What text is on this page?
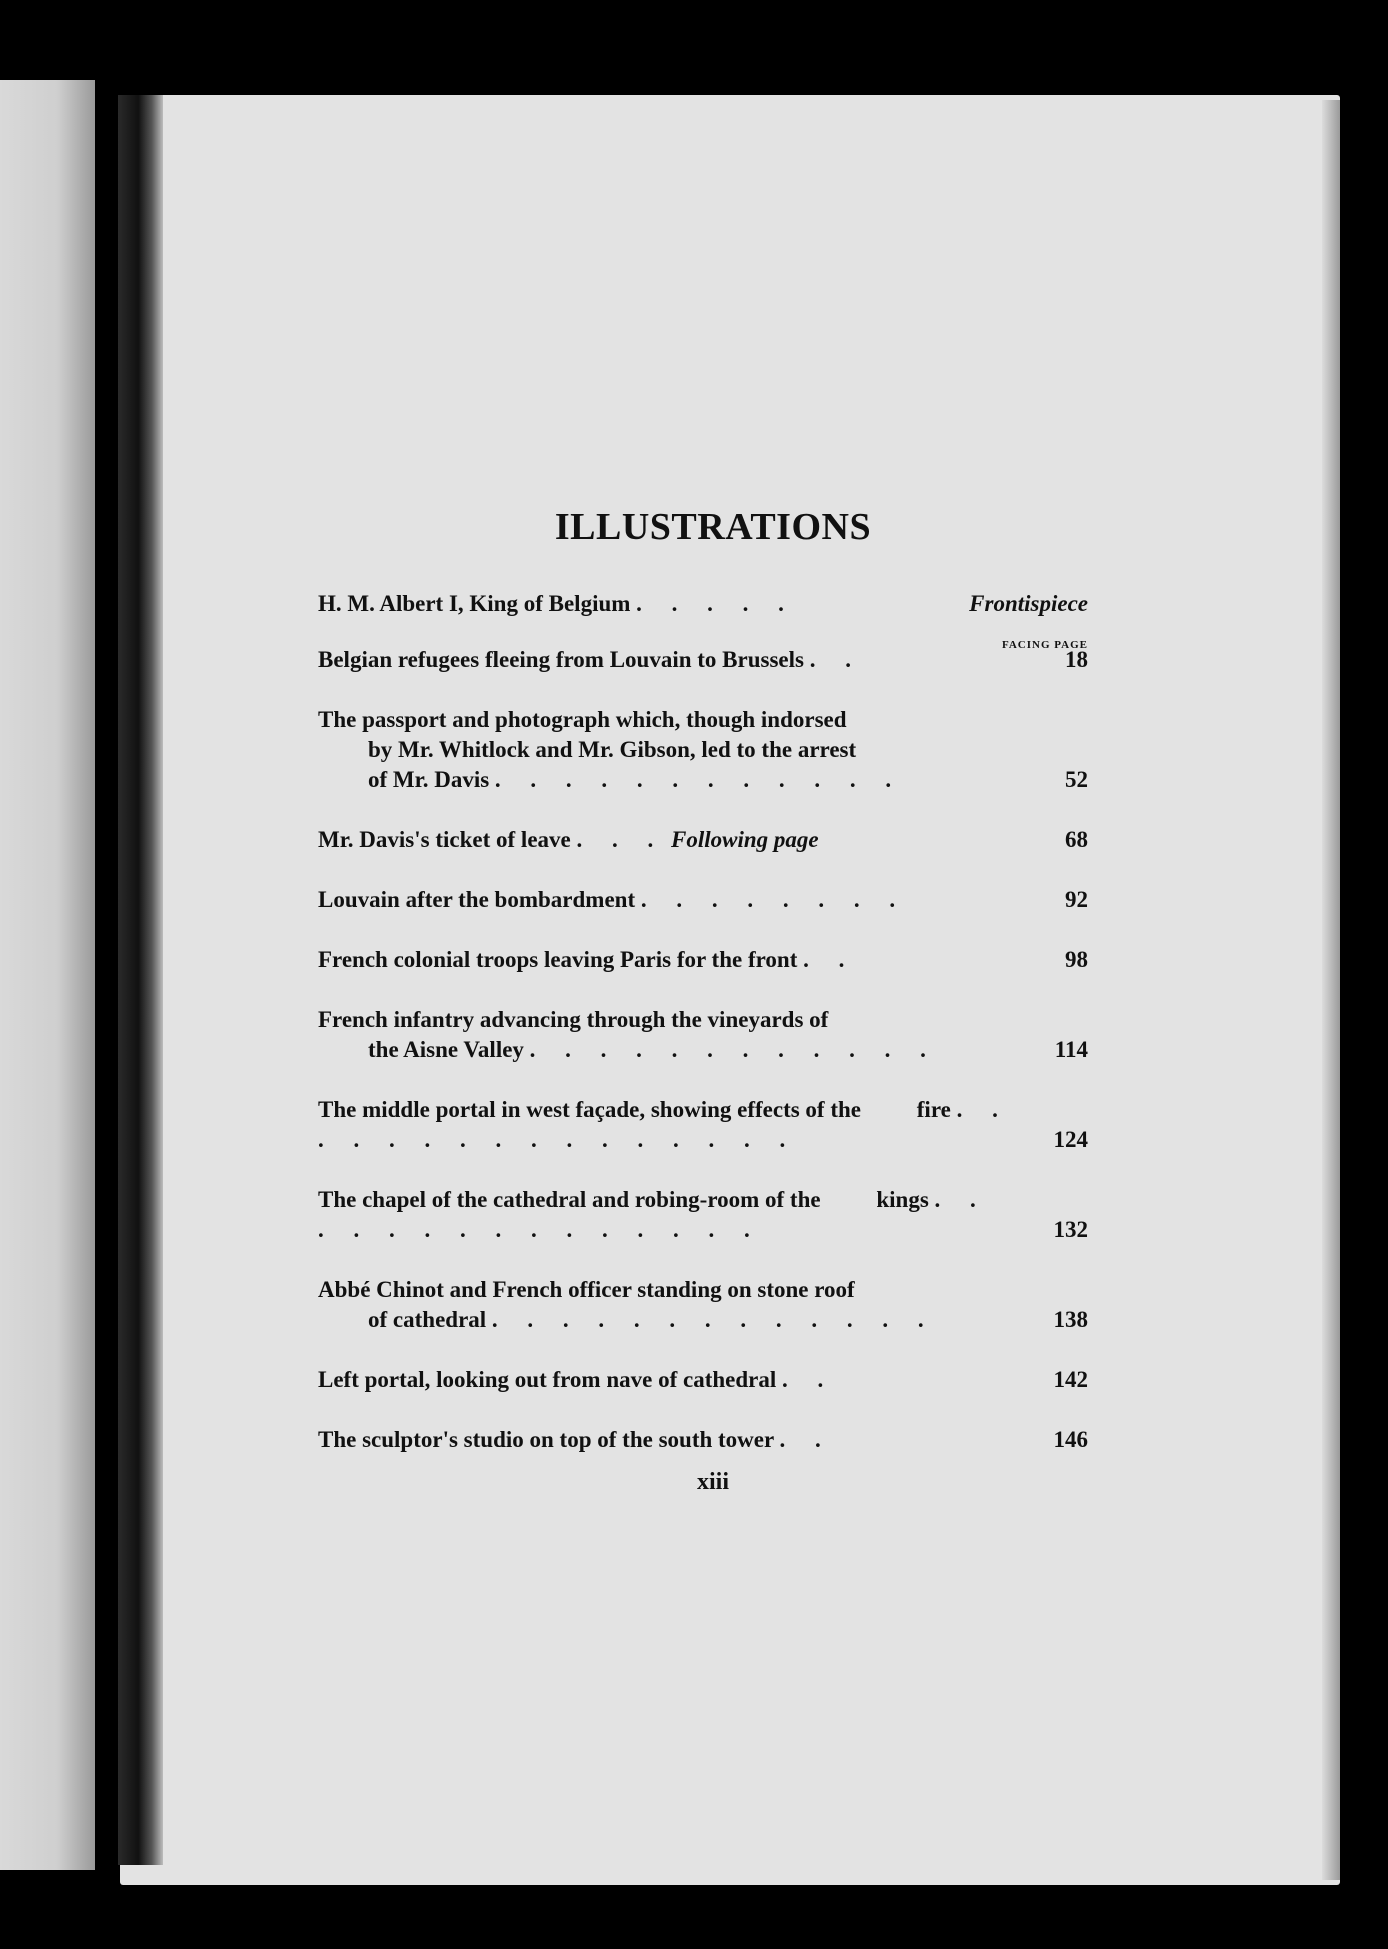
ILLUSTRATIONS
H. M. Albert I, King of Belgium . . . . .	Frontispiece
FACING PAGE
Belgian refugees fleeing from Louvain to Brussels . .	18
The passport and photograph which, though indorsed
by Mr. Whitlock and Mr. Gibson, led to the arrest
of Mr. Davis . . . . . . . . . . . .	52
Mr. Davis's ticket of leave . . . Following page	68
Louvain after the bombardment . . . . . . . .	92
French colonial troops leaving Paris for the front . .	98
French infantry advancing through the vineyards of the Aisne Valley . . . . . . . . . . . .	114
The middle portal in west façade, showing effects of the fire . . . . . . . . . . . . . . . .	124
The chapel of the cathedral and robing-room of the kings . . . . . . . . . . . . . . .	132
Abbé Chinot and French officer standing on stone roof of cathedral . . . . . . . . . . . . .	138
Left portal, looking out from nave of cathedral . .	142
The sculptor's studio on top of the south tower . .	146
xiii
